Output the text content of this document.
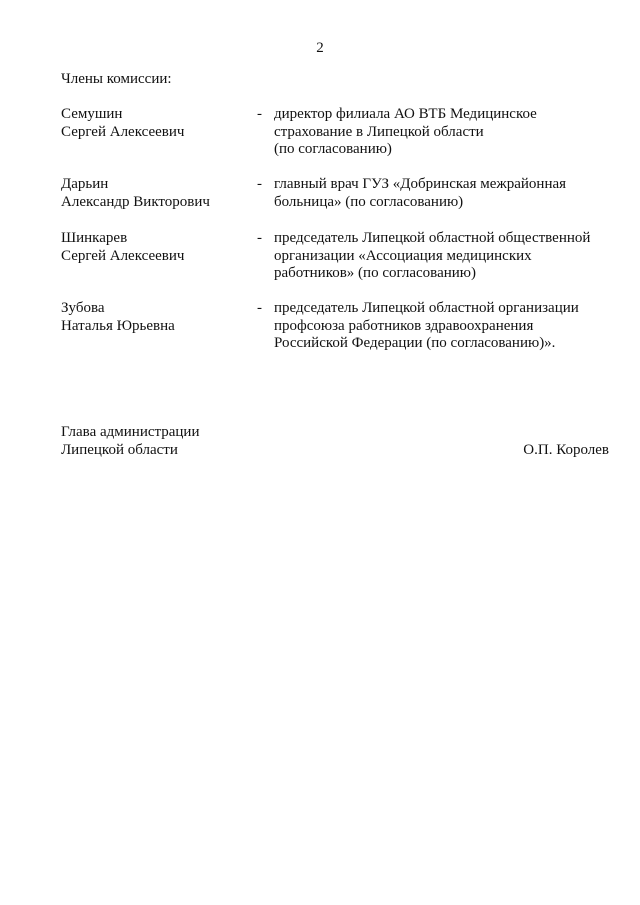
2
Члены комиссии:
Семушин
Сергей Алексеевич
- директор филиала АО ВТБ Медицинское
страхование в Липецкой области
(по согласованию)
Дарьин
Александр Викторович
- главный врач ГУЗ «Добринская межрайонная
больница» (по согласованию)
Шинкарев
Сергей Алексеевич
- председатель Липецкой областной общественной
организации «Ассоциация медицинских
работников» (по согласованию)
Зубова
Наталья Юрьевна
- председатель Липецкой областной организации
профсоюза работников здравоохранения
Российской Федерации (по согласованию)».
Глава администрации
Липецкой области	О.П. Королев
